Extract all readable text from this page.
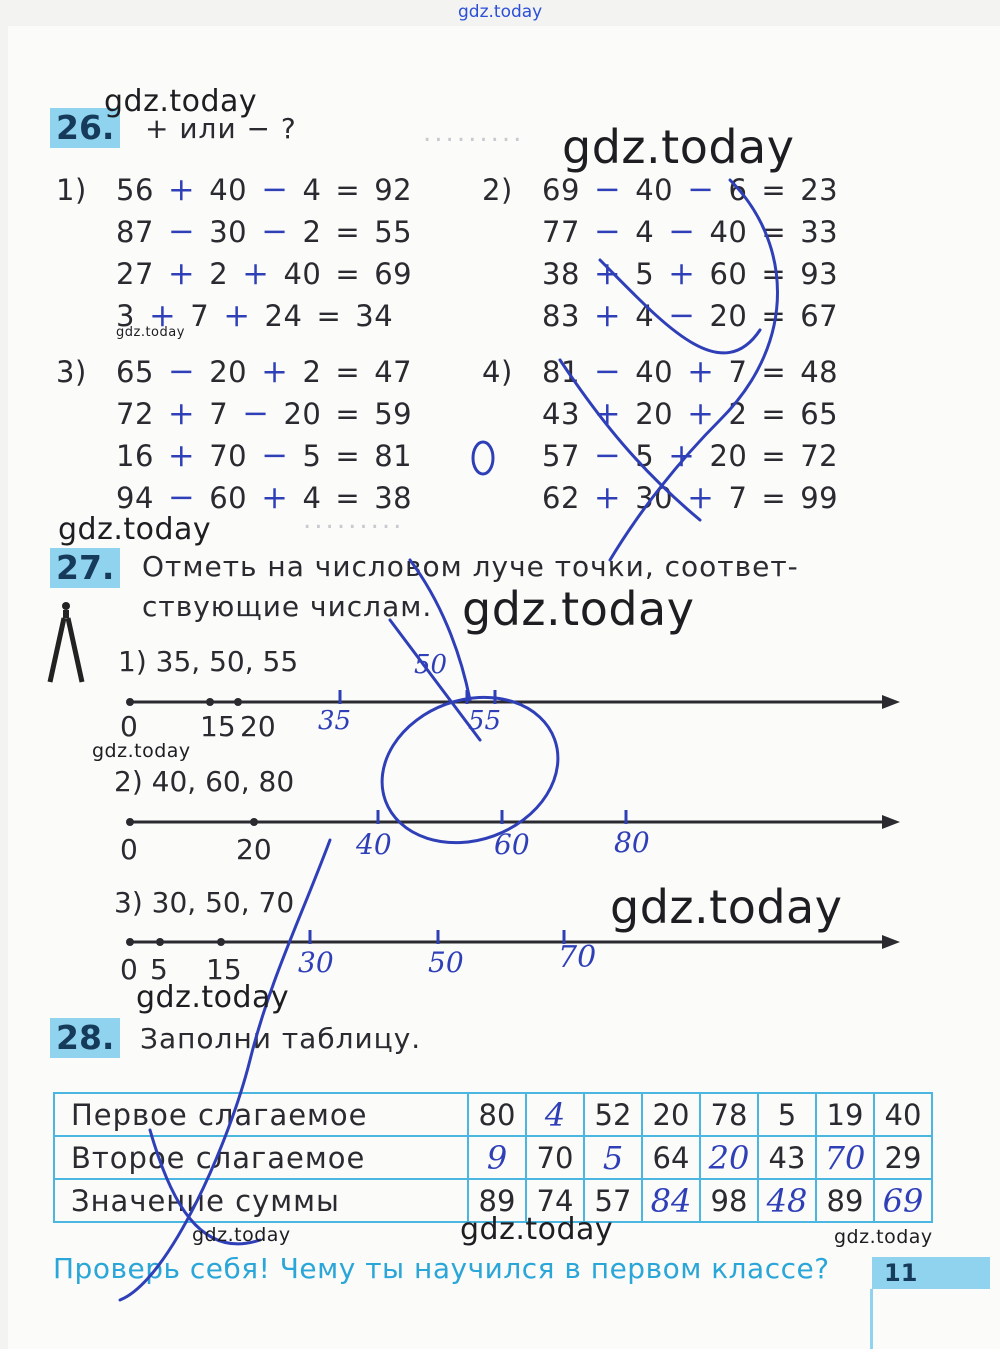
.........
.........
gdz.today
26. + или − ?
1) 56 + 40 − 4 = 92
87 − 30 − 2 = 55
27 + 2 + 40 = 69
3 + 7 + 24 = 34
3) 65 − 20 + 2 = 47
72 + 7 − 20 = 59
16 + 70 − 5 = 81
94 − 60 + 4 = 38
2) 69 − 40 − 6 = 23
77 − 4 − 40 = 33
38 + 5 + 60 = 93
83 + 4 − 20 = 67
4) 81 − 40 + 7 = 48
43 + 20 + 2 = 65
57 − 5 + 20 = 72
62 + 30 + 7 = 99
27. Отметь на числовом луче точки, соответ-
ствующие числам.
1) 35, 50, 55
0 15 20 35
50
55
2) 40, 60, 80
0	20	40	60	80
3) 30, 50, 70
0 5 15 30	50	70
28. Заполни таблицу.
Первое слагаемое	80	4	52	20	78	5	19	40
Второе слагаемое	9	70	5	64	20	43	70	29
Значение суммы	89	74	57	84	98	48	89	69
Проверь себя! Чему ты научился в первом классе?	11
gdz.today
gdz.today
gdz.today
gdz.today
gdz.today
gdz.today
gdz.today
gdz.today
gdz.today	gdz.today	gdz.today
